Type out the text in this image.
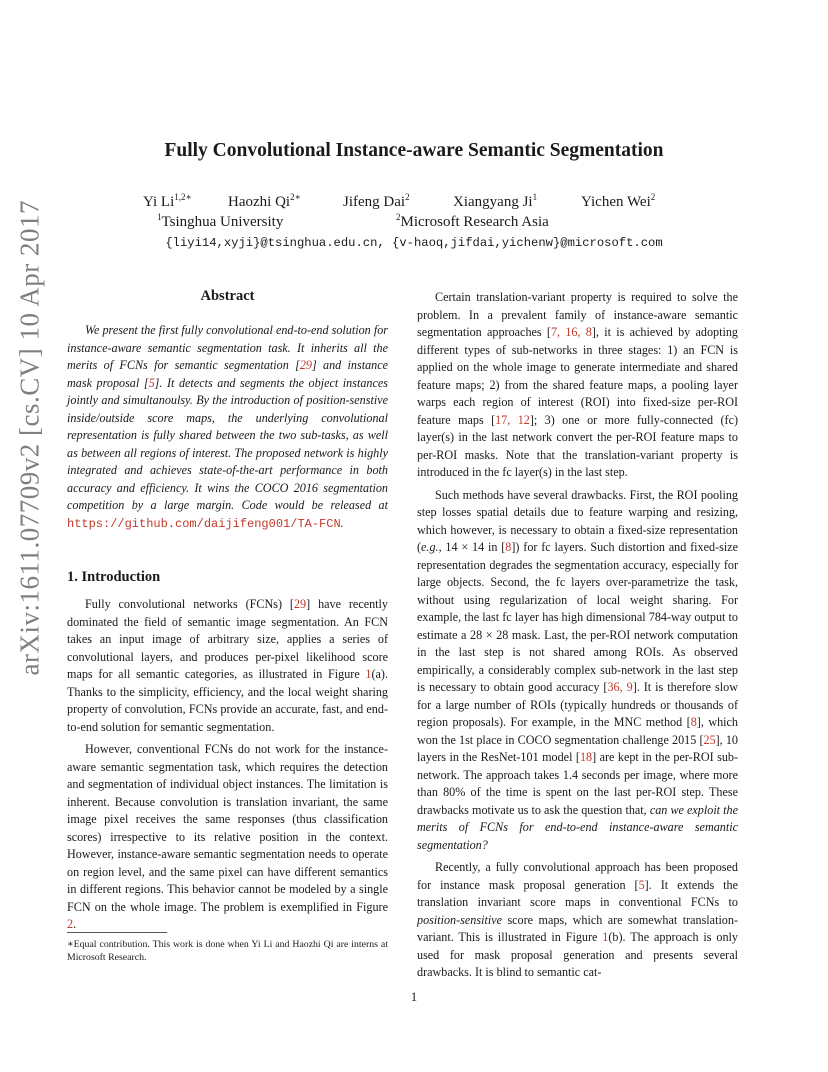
arXiv:1611.07709v2 [cs.CV] 10 Apr 2017
Fully Convolutional Instance-aware Semantic Segmentation
Yi $Li^{1,2∗}$ Haozhi $Qi^{2∗}$	Jifeng Dai$^2$	Xiangyang Ji$^1$	Yichen Wei$^2$
$^1$Tsinghua University	$^2$Microsoft Research Asia
{liyi14,xyji}@tsinghua.edu.cn, {v-haoq,jifdai,yichenw}@microsoft.com
Abstract

We present the first fully convolutional end-to-end solution for instance-aware semantic segmentation task. It inherits all the merits of FCNs for semantic segmentation [29] and instance mask proposal [5]. It detects and segments the object instances jointly and simultanoulsy. By the introduction of position-senstive inside/outside score maps, the underlying convolutional representation is fully shared between the two sub-tasks, as well as between all regions of interest. The proposed network is highly integrated and achieves state-of-the-art performance in both accuracy and efficiency. It wins the COCO 2016 segmentation competition by a large margin. Code would be released at https://github.com/daijifeng001/TA-FCN.

1. Introduction

Fully convolutional networks (FCNs) [29] have recently dominated the field of semantic image segmentation. An FCN takes an input image of arbitrary size, applies a series of convolutional layers, and produces per-pixel likelihood score maps for all semantic categories, as illustrated in Figure 1(a). Thanks to the simplicity, efficiency, and the local weight sharing property of convolution, FCNs provide an accurate, fast, and end-to-end solution for semantic segmentation.

However, conventional FCNs do not work for the instance-aware semantic segmentation task, which requires the detection and segmentation of individual object instances. The limitation is inherent. Because convolution is translation invariant, the same image pixel receives the same responses (thus classification scores) irrespective to its relative position in the context. However, instance-aware semantic segmentation needs to operate on region level, and the same pixel can have different semantics in different regions. This behavior cannot be modeled by a single FCN on the whole image. The problem is exemplified in Figure 2.

∗Equal contribution. This work is done when Yi Li and Haozhi Qi are interns at Microsoft Research.

Certain translation-variant property is required to solve the problem. In a prevalent family of instance-aware semantic segmentation approaches [7, 16, 8], it is achieved by adopting different types of sub-networks in three stages: 1) an FCN is applied on the whole image to generate intermediate and shared feature maps; 2) from the shared feature maps, a pooling layer warps each region of interest (ROI) into fixed-size per-ROI feature maps [17, 12]; 3) one or more fully-connected (fc) layer(s) in the last network convert the per-ROI feature maps to per-ROI masks. Note that the translation-variant property is introduced in the fc layer(s) in the last step.

Such methods have several drawbacks. First, the ROI pooling step losses spatial details due to feature warping and resizing, which however, is necessary to obtain a fixed-size representation (e.g., 14 × 14 in [8]) for fc layers. Such distortion and fixed-size representation degrades the segmentation accuracy, especially for large objects. Second, the fc layers over-parametrize the task, without using regularization of local weight sharing. For example, the last fc layer has high dimensional 784-way output to estimate a 28 × 28 mask. Last, the per-ROI network computation in the last step is not shared among ROIs. As observed empirically, a considerably complex sub-network in the last step is necessary to obtain good accuracy [36, 9]. It is therefore slow for a large number of ROIs (typically hundreds or thousands of region proposals). For example, in the MNC method [8], which won the 1st place in COCO segmentation challenge 2015 [25], 10 layers in the ResNet-101 model [18] are kept in the per-ROI sub-network. The approach takes 1.4 seconds per image, where more than 80% of the time is spent on the last per-ROI step. These drawbacks motivate us to ask the question that, can we exploit the merits of FCNs for end-to-end instance-aware semantic segmentation?

Recently, a fully convolutional approach has been proposed for instance mask proposal generation [5]. It extends the translation invariant score maps in conventional FCNs to position-sensitive score maps, which are somewhat translation-variant. This is illustrated in Figure 1(b). The approach is only used for mask proposal generation and presents several drawbacks. It is blind to semantic cat-

1
